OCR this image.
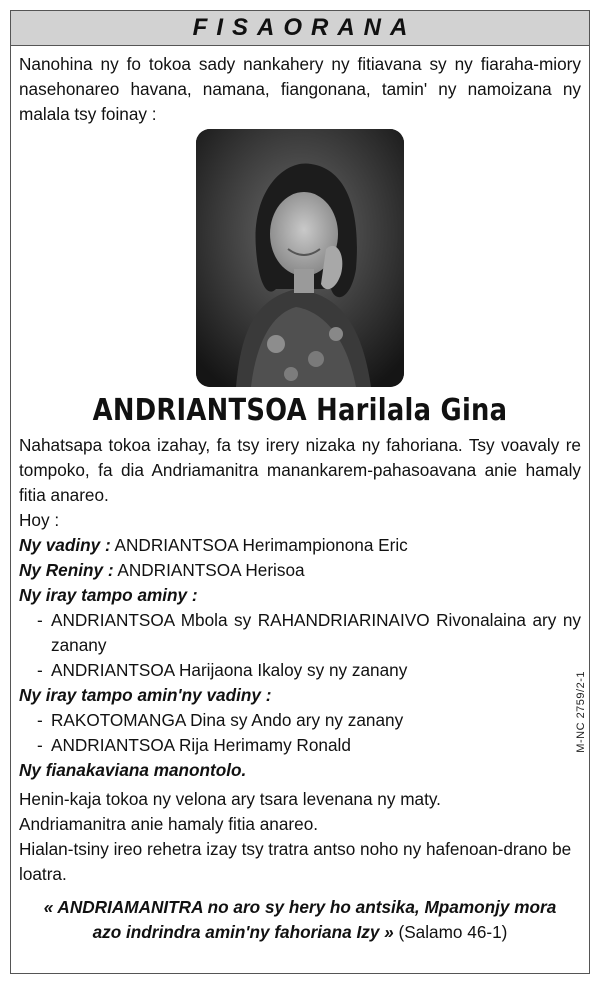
FISAORANA

Nanohina ny fo tokoa sady nankahery ny fitiavana sy ny fiaraha-miory nasehonareo havana, namana, fiangonana, tamin' ny namoizana ny malala tsy foinay :

ANDRIANTSOA Harilala Gina

Nahatsapa tokoa izahay, fa tsy irery nizaka ny fahoriana. Tsy voavaly re tompoko, fa dia Andriamanitra manankarem-pahasoavana anie hamaly fitia anareo.

Hoy :

Ny vadiny : ANDRIANTSOA Herimampionona Eric

Ny Reniny : ANDRIANTSOA Herisoa

Ny iray tampo aminy :

- ANDRIANTSOA Mbola sy RAHANDRIARINAIVO Rivonalaina ary ny zanany
- ANDRIANTSOA Harijaona Ikaloy sy ny zanany

Ny iray tampo amin'ny vadiny :

- RAKOTOMANGA Dina sy Ando ary ny zanany
- ANDRIANTSOA Rija Herimamy Ronald

Ny fianakaviana manontolo.

Henin-kaja tokoa ny velona ary tsara levenana ny maty.

Andriamanitra anie hamaly fitia anareo.

Hialan-tsiny ireo rehetra izay tsy tratra antso noho ny hafenoan-drano be loatra.

« ANDRIAMANITRA no aro sy hery ho antsika, Mpamonjy mora azo indrindra amin'ny fahoriana Izy » (Salamo 46-1)

M-NC 2759/2-1
